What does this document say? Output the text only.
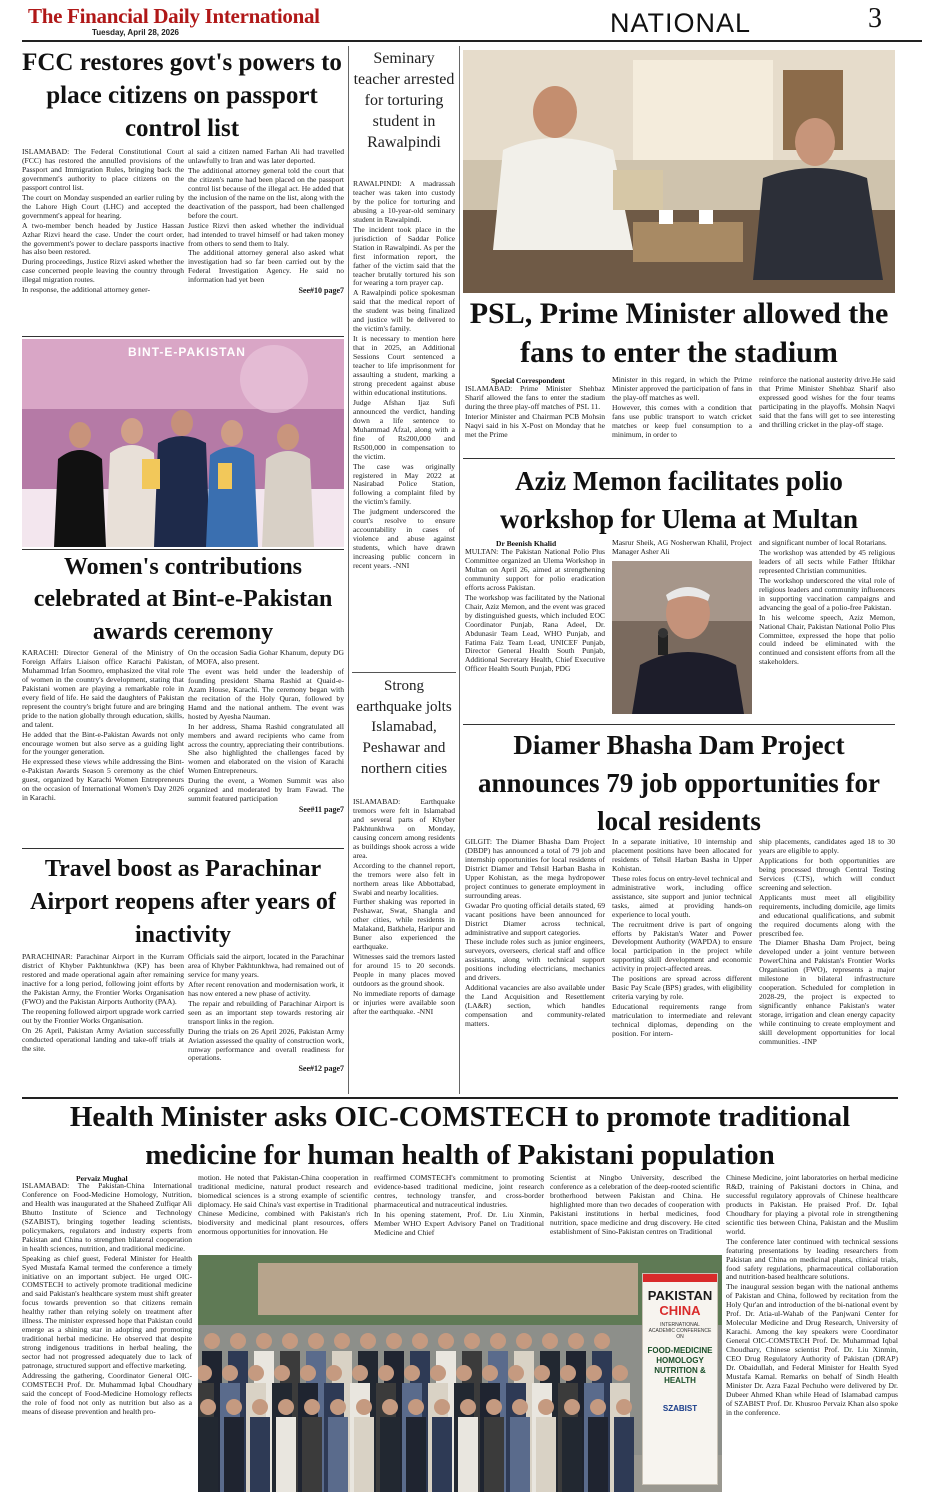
The Financial Daily International
Tuesday, April 28, 2026	NATIONAL	3
FCC restores govt's powers to place citizens on passport control list

ISLAMABAD: The Federal Constitutional Court (FCC) has restored the annulled provisions of the Passport and Immigration Rules, bringing back the government's authority to place citizens on the passport control list.

The court on Monday suspended an earlier ruling by the Lahore High Court (LHC) and accepted the government's appeal for hearing.

A two-member bench headed by Justice Hassan Azhar Rizvi heard the case. Under the court order, the government's power to declare passports inactive has also been restored.

During proceedings, Justice Rizvi asked whether the case concerned people leaving the country through illegal migration routes.

In response, the additional attorney gener-

al said a citizen named Farhan Ali had travelled unlawfully to Iran and was later deported.

The additional attorney general told the court that the citizen's name had been placed on the passport control list because of the illegal act. He added that the inclusion of the name on the list, along with the deactivation of the passport, had been challenged before the court.

Justice Rizvi then asked whether the individual had intended to travel himself or had taken money from others to send them to Italy.

The additional attorney general also asked what investigation had so far been carried out by the Federal Investigation Agency. He said no information had yet been

See#10 page7
BINT-E-PAKISTAN
Women's contributions celebrated at Bint-e-Pakistan awards ceremony

KARACHI: Director General of the Ministry of Foreign Affairs Liaison office Karachi Pakistan, Muhammad Irfan Soomro, emphasized the vital role of women in the country's development, stating that Pakistani women are playing a remarkable role in every field of life. He said the daughters of Pakistan represent the country's bright future and are bringing pride to the nation globally through education, skills, and talent.

He added that the Bint-e-Pakistan Awards not only encourage women but also serve as a guiding light for the younger generation.

He expressed these views while addressing the Bint-e-Pakistan Awards Season 5 ceremony as the chief guest, organized by Karachi Women Entrepreneurs on the occasion of International Women's Day 2026 in Karachi.

On the occasion Sadia Gohar Khanum, deputy DG of MOFA, also present.

The event was held under the leadership of founding president Shama Rashid at Quaid-e-Azam House, Karachi. The ceremony began with the recitation of the Holy Quran, followed by Hamd and the national anthem. The event was hosted by Ayesha Nauman.

In her address, Shama Rashid congratulated all members and award recipients who came from across the country, appreciating their contributions. She also highlighted the challenges faced by women and elaborated on the vision of Karachi Women Entrepreneurs.

During the event, a Women Summit was also organized and moderated by Iram Fawad. The summit featured participation

See#11 page7
Travel boost as Parachinar Airport reopens after years of inactivity

PARACHINAR: Parachinar Airport in the Kurram district of Khyber Pakhtunkhwa (KP) has been restored and made operational again after remaining inactive for a long period, following joint efforts by the Pakistan Army, the Frontier Works Organisation (FWO) and the Pakistan Airports Authority (PAA).

The reopening followed airport upgrade work carried out by the Frontier Works Organisation.

On 26 April, Pakistan Army Aviation successfully conducted operational landing and take-off trials at the site.

Officials said the airport, located in the Parachinar area of Khyber Pakhtunkhwa, had remained out of service for many years.

After recent renovation and modernisation work, it has now entered a new phase of activity.

The repair and rebuilding of Parachinar Airport is seen as an important step towards restoring air transport links in the region.

During the trials on 26 April 2026, Pakistan Army Aviation assessed the quality of construction work, runway performance and overall readiness for operations.

See#12 page7
Seminary teacher arrested for torturing student in Rawalpindi

RAWALPINDI: A madrassah teacher was taken into custody by the police for torturing and abusing a 10-year-old seminary student in Rawalpindi.

The incident took place in the jurisdiction of Saddar Police Station in Rawalpindi. As per the first information report, the father of the victim said that the teacher brutally tortured his son for wearing a torn prayer cap.

A Rawalpindi police spokesman said that the medical report of the student was being finalized and justice will be delivered to the victim's family.

It is necessary to mention here that in 2025, an Additional Sessions Court sentenced a teacher to life imprisonment for assaulting a student, marking a strong precedent against abuse within educational institutions.

Judge Afshan Ijaz Sufi announced the verdict, handing down a life sentence to Muhammad Afzal, along with a fine of Rs200,000 and Rs500,000 in compensation to the victim.

The case was originally registered in May 2022 at Nasirabad Police Station, following a complaint filed by the victim's family.

The judgment underscored the court's resolve to ensure accountability in cases of violence and abuse against students, which have drawn increasing public concern in recent years. -NNI

Strong earthquake jolts Islamabad, Peshawar and northern cities

ISLAMABAD: Earthquake tremors were felt in Islamabad and several parts of Khyber Pakhtunkhwa on Monday, causing concern among residents as buildings shook across a wide area.

According to the channel report, the tremors were also felt in northern areas like Abbottabad, Swabi and nearby localities.

Further shaking was reported in Peshawar, Swat, Shangla and other cities, while residents in Malakand, Batkhela, Haripur and Buner also experienced the earthquake.

Witnesses said the tremors lasted for around 15 to 20 seconds. People in many places moved outdoors as the ground shook.

No immediate reports of damage or injuries were available soon after the earthquake. -NNI

PSL, Prime Minister allowed the fans to enter the stadium
Special Correspondent

ISLAMABAD: Prime Minister Shehbaz Sharif allowed the fans to enter the stadium during the three play-off matches of PSL 11.

Interior Minister and Chairman PCB Mohsin Naqvi said in his X-Post on Monday that he met the Prime

Minister in this regard, in which the Prime Minister approved the participation of fans in the play-off matches as well.

However, this comes with a condition that fans use public transport to watch cricket matches or keep fuel consumption to a minimum, in order to

reinforce the national austerity drive.He said that Prime Minister Shehbaz Sharif also expressed good wishes for the four teams participating in the playoffs. Mohsin Naqvi said that the fans will get to see interesting and thrilling cricket in the play-off stage.

Aziz Memon facilitates polio workshop for Ulema at Multan
Dr Beenish Khalid

MULTAN: The Pakistan National Polio Plus Committee organized an Ulema Workshop in Multan on April 26, aimed at strengthening community support for polio eradication efforts across Pakistan.

The workshop was facilitated by the National Chair, Aziz Memon, and the event was graced by distinguished guests, which included EOC Coordinator Punjab, Rana Adeel, Dr. Abdunasir Team Lead, WHO Punjab, and Fatima Faiz Team Lead, UNICEF Punjab, Director General Health South Punjab, Additional Secretary Health, Chief Executive Officer Health South Punjab, PDG

Masrur Sheik, AG Nosherwan Khalil, Project Manager Asher Ali

and significant number of local Rotarians.

The workshop was attended by 45 religious leaders of all sects while Father Iftikhar represented Christian communities.

The workshop underscored the vital role of religious leaders and community influencers in supporting vaccination campaigns and advancing the goal of a polio-free Pakistan.

In his welcome speech, Aziz Memon, National Chair, Pakistan National Polio Plus Committee, expressed the hope that polio could indeed be eliminated with the continued and consistent efforts from all the stakeholders.

Diamer Bhasha Dam Project announces 79 job opportunities for local residents

GILGIT: The Diamer Bhasha Dam Project (DBDP) has announced a total of 79 job and internship opportunities for local residents of District Diamer and Tehsil Harban Basha in Upper Kohistan, as the mega hydropower project continues to generate employment in surrounding areas.

Gwadar Pro quoting official details stated, 69 vacant positions have been announced for District Diamer across technical, administrative and support categories.

These include roles such as junior engineers, surveyors, overseers, clerical staff and office assistants, along with technical support positions including electricians, mechanics and drivers.

Additional vacancies are also available under the Land Acquisition and Resettlement (LA&R) section, which handles compensation and community-related matters.

In a separate initiative, 10 internship and placement positions have been allocated for residents of Tehsil Harban Basha in Upper Kohistan.

These roles focus on entry-level technical and administrative work, including office assistance, site support and junior technical tasks, aimed at providing hands-on experience to local youth.

The recruitment drive is part of ongoing efforts by Pakistan's Water and Power Development Authority (WAPDA) to ensure local participation in the project while supporting skill development and economic activity in project-affected areas.

The positions are spread across different Basic Pay Scale (BPS) grades, with eligibility criteria varying by role.

Educational requirements range from matriculation to intermediate and relevant technical diplomas, depending on the position. For intern-

ship placements, candidates aged 18 to 30 years are eligible to apply.

Applications for both opportunities are being processed through Central Testing Services (CTS), which will conduct screening and selection.

Applicants must meet all eligibility requirements, including domicile, age limits and educational qualifications, and submit the required documents along with the prescribed fee.

The Diamer Bhasha Dam Project, being developed under a joint venture between PowerChina and Pakistan's Frontier Works Organisation (FWO), represents a major milestone in bilateral infrastructure cooperation. Scheduled for completion in 2028-29, the project is expected to significantly enhance Pakistan's water storage, irrigation and clean energy capacity while continuing to create employment and skill development opportunities for local communities. -INP

Health Minister asks OIC-COMSTECH to promote traditional medicine for human health of Pakistani population
Pervaiz Mughal

ISLAMABAD: The Pakistan-China International Conference on Food-Medicine Homology, Nutrition, and Health was inaugurated at the Shaheed Zulfiqar Ali Bhutto Institute of Science and Technology (SZABIST), bringing together leading scientists, policymakers, regulators and industry experts from Pakistan and China to strengthen bilateral cooperation in health sciences, nutrition, and traditional medicine.

Speaking as chief guest, Federal Minister for Health Syed Mustafa Kamal termed the conference a timely initiative on an important subject. He urged OIC-COMSTECH to actively promote traditional medicine and said Pakistan's healthcare system must shift greater focus towards prevention so that citizens remain healthy rather than relying solely on treatment after illness. The minister expressed hope that Pakistan could emerge as a shining star in adopting and promoting traditional herbal medicine. He observed that despite strong indigenous traditions in herbal healing, the sector had not progressed adequately due to lack of patronage, structured support and effective marketing.

Addressing the gathering, Coordinator General OIC-COMSTECH Prof. Dr. Muhammad Iqbal Choudhary said the concept of Food-Medicine Homology reflects the role of food not only as nutrition but also as a means of disease prevention and health pro-

motion. He noted that Pakistan-China cooperation in traditional medicine, natural product research and biomedical sciences is a strong example of scientific diplomacy. He said China's vast expertise in Traditional Chinese Medicine, combined with Pakistan's rich biodiversity and medicinal plant resources, offers enormous opportunities for innovation. He

reaffirmed COMSTECH's commitment to promoting evidence-based traditional medicine, joint research centres, technology transfer, and cross-border pharmaceutical and nutraceutical industries.

In his opening statement, Prof. Dr. Liu Xinmin, Member WHO Expert Advisory Panel on Traditional Medicine and Chief

Scientist at Ningbo University, described the conference as a celebration of the deep-rooted scientific brotherhood between Pakistan and China. He highlighted more than two decades of cooperation with Pakistani institutions in herbal medicines, food nutrition, space medicine and drug discovery. He cited establishment of Sino-Pakistan centres on Traditional

Chinese Medicine, joint laboratories on herbal medicine R&D, training of Pakistani doctors in China, and successful regulatory approvals of Chinese healthcare products in Pakistan. He praised Prof. Dr. Iqbal Choudhary for playing a pivotal role in strengthening scientific ties between China, Pakistan and the Muslim world.

The conference later continued with technical sessions featuring presentations by leading researchers from Pakistan and China on medicinal plants, clinical trials, food safety regulations, pharmaceutical collaboration and nutrition-based healthcare solutions.

The inaugural session began with the national anthems of Pakistan and China, followed by recitation from the Holy Qur'an and introduction of the bi-national event by Prof. Dr. Atia-ul-Wahab of the Panjwani Center for Molecular Medicine and Drug Research, University of Karachi. Among the key speakers were Coordinator General OIC-COMSTECH Prof. Dr. Muhammad Iqbal Choudhary, Chinese scientist Prof. Dr. Liu Xinmin, CEO Drug Regulatory Authority of Pakistan (DRAP) Dr. Obaidullah, and Federal Minister for Health Syed Mustafa Kamal. Remarks on behalf of Sindh Health Minister Dr. Azra Fazal Pechuho were delivered by Dr. Dubeer Ahmed Khan while Head of Islamabad campus of SZABIST Prof. Dr. Khusroo Pervaiz Khan also spoke in the conference.

PAKISTAN
CHINA
INTERNATIONAL ACADEMIC CONFERENCE ON
FOOD-MEDICINE HOMOLOGY NUTRITION & HEALTH
SZABIST
